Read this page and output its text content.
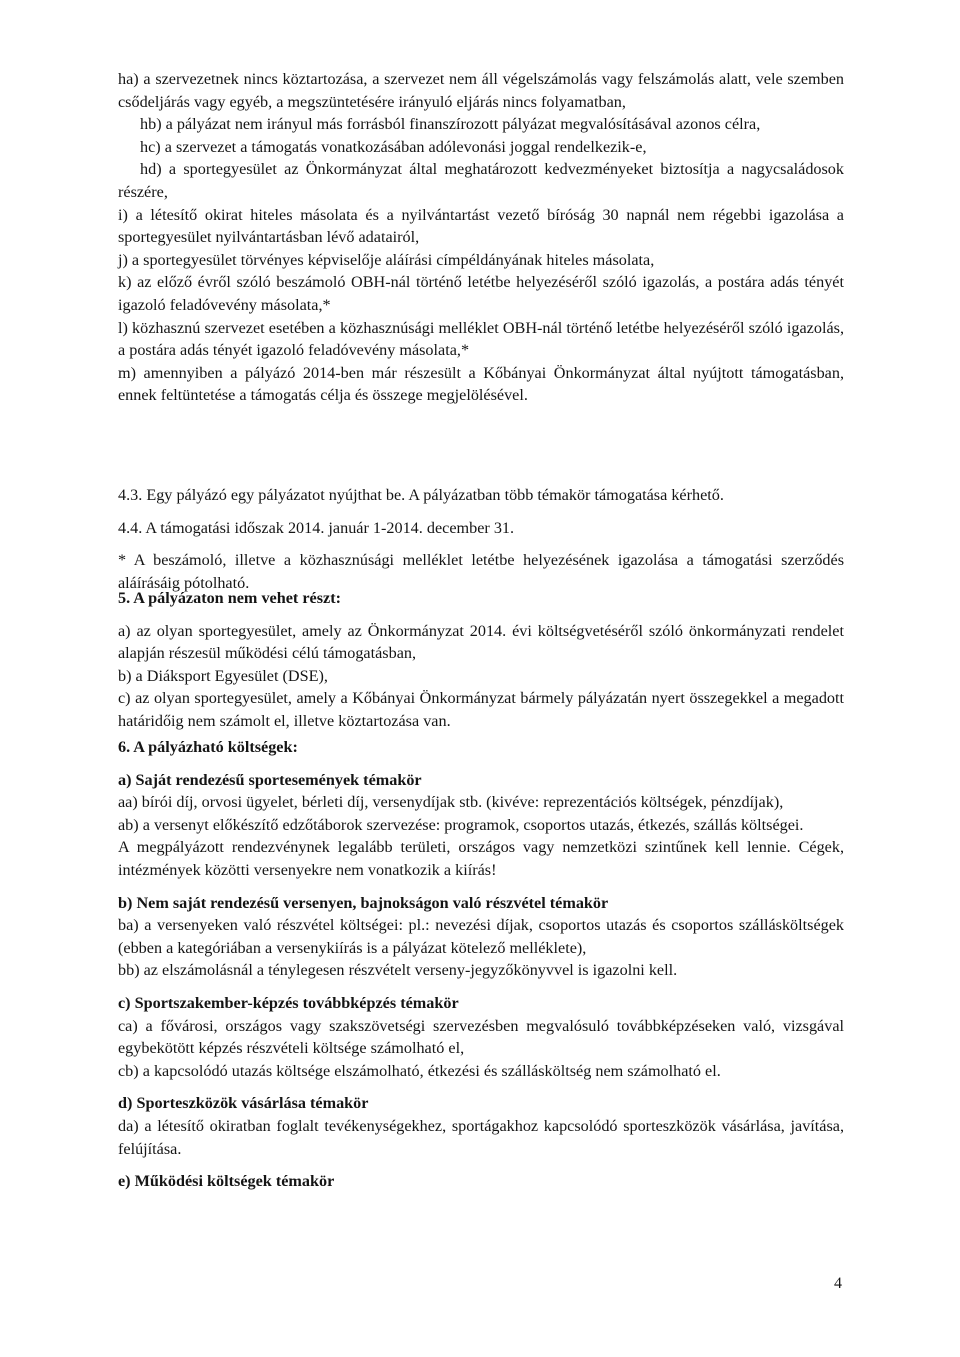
ha) a szervezetnek nincs köztartozása, a szervezet nem áll végelszámolás vagy felszámolás alatt, vele szemben csődeljárás vagy egyéb, a megszüntetésére irányuló eljárás nincs folyamatban,

hb) a pályázat nem irányul más forrásból finanszírozott pályázat megvalósításával azonos célra,

hc) a szervezet a támogatás vonatkozásában adólevonási joggal rendelkezik-e,

hd) a sportegyesület az Önkormányzat által meghatározott kedvezményeket biztosítja a nagycsaládosok részére,

i) a létesítő okirat hiteles másolata és a nyilvántartást vezető bíróság 30 napnál nem régebbi igazolása a sportegyesület nyilvántartásban lévő adatairól,

j) a sportegyesület törvényes képviselője aláírási címpéldányának hiteles másolata,

k) az előző évről szóló beszámoló OBH-nál történő letétbe helyezéséről szóló igazolás, a postára adás tényét igazoló feladóvevény másolata,*

l) közhasznú szervezet esetében a közhasznúsági melléklet OBH-nál történő letétbe helyezéséről szóló igazolás, a postára adás tényét igazoló feladóvevény másolata,*

m) amennyiben a pályázó 2014-ben már részesült a Kőbányai Önkormányzat által nyújtott támogatásban, ennek feltüntetése a támogatás célja és összege megjelölésével.

4.3. Egy pályázó egy pályázatot nyújthat be. A pályázatban több témakör támogatása kérhető.

4.4. A támogatási időszak 2014. január 1-2014. december 31.

* A beszámoló, illetve a közhasznúsági melléklet letétbe helyezésének igazolása a támogatási szerződés aláírásáig pótolható.

5. A pályázaton nem vehet részt:

a) az olyan sportegyesület, amely az Önkormányzat 2014. évi költségvetéséről szóló önkormányzati rendelet alapján részesül működési célú támogatásban,

b) a Diáksport Egyesület (DSE),

c) az olyan sportegyesület, amely a Kőbányai Önkormányzat bármely pályázatán nyert összegekkel a megadott határidőig nem számolt el, illetve köztartozása van.

6. A pályázható költségek:

a) Saját rendezésű sportesemények témakör

aa) bírói díj, orvosi ügyelet, bérleti díj, versenydíjak stb. (kivéve: reprezentációs költségek, pénzdíjak),

ab) a versenyt előkészítő edzőtáborok szervezése: programok, csoportos utazás, étkezés, szállás költségei.

A megpályázott rendezvénynek legalább területi, országos vagy nemzetközi szintűnek kell lennie. Cégek, intézmények közötti versenyekre nem vonatkozik a kiírás!

b) Nem saját rendezésű versenyen, bajnokságon való részvétel témakör

ba) a versenyeken való részvétel költségei: pl.: nevezési díjak, csoportos utazás és csoportos szállásköltségek (ebben a kategóriában a versenykiírás is a pályázat kötelező melléklete),

bb) az elszámolásnál a ténylegesen részvételt verseny-jegyzőkönyvvel is igazolni kell.

c) Sportszakember-képzés továbbképzés témakör

ca) a fővárosi, országos vagy szakszövetségi szervezésben megvalósuló továbbképzéseken való, vizsgával egybekötött képzés részvételi költsége számolható el,

cb) a kapcsolódó utazás költsége elszámolható, étkezési és szállásköltség nem számolható el.

d) Sporteszközök vásárlása témakör

da) a létesítő okiratban foglalt tevékenységekhez, sportágakhoz kapcsolódó sporteszközök vásárlása, javítása, felújítása.

e) Működési költségek témakör

4
